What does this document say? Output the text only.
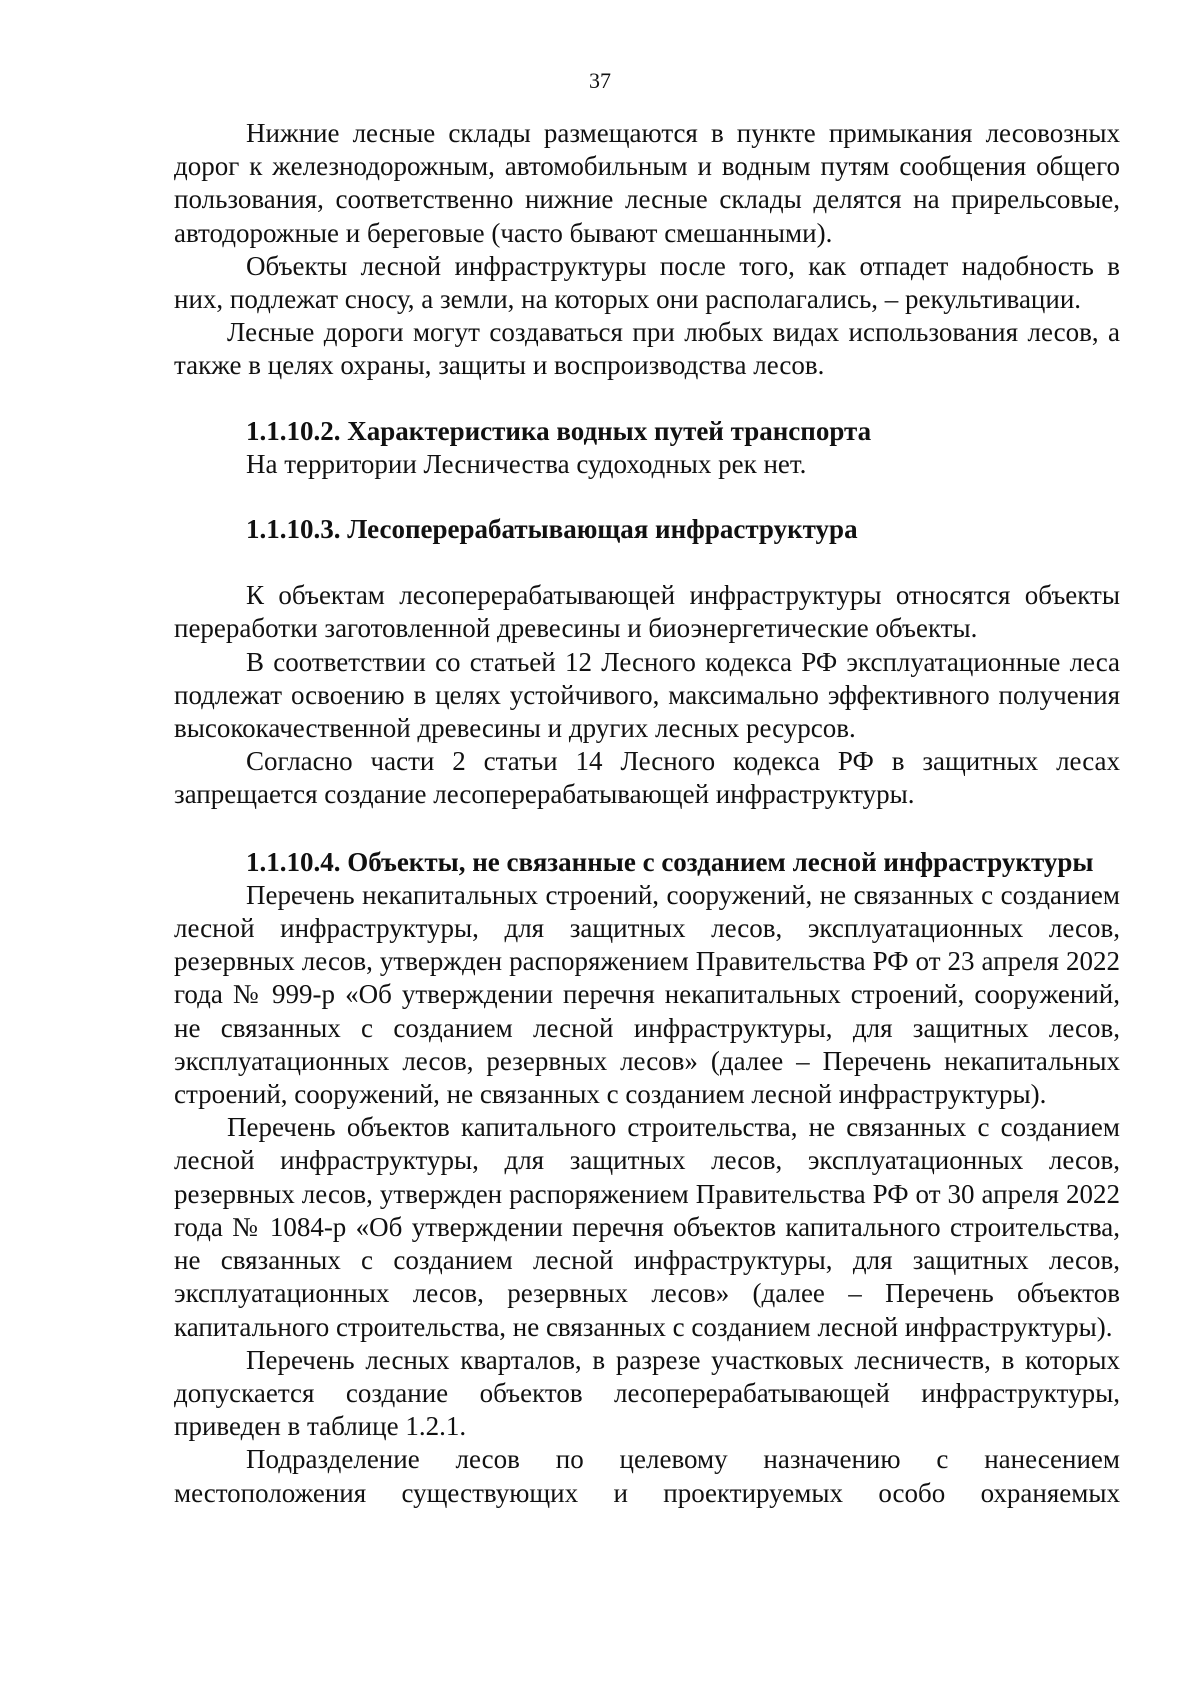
37

Нижние лесные склады размещаются в пункте примыкания лесовозных дорог к железнодорожным, автомобильным и водным путям сообщения общего пользования, соответственно нижние лесные склады делятся на прирельсовые, автодорожные и береговые (часто бывают смешанными).

Объекты лесной инфраструктуры после того, как отпадет надобность в них, подлежат сносу, а земли, на которых они располагались, – рекультивации.

Лесные дороги могут создаваться при любых видах использования лесов, а также в целях охраны, защиты и воспроизводства лесов.

1.1.10.2. Характеристика водных путей транспорта

На территории Лесничества судоходных рек нет.

1.1.10.3. Лесоперерабатывающая инфраструктура

К объектам лесоперерабатывающей инфраструктуры относятся объекты переработки заготовленной древесины и биоэнергетические объекты.

В соответствии со статьей 12 Лесного кодекса РФ эксплуатационные леса подлежат освоению в целях устойчивого, максимально эффективного получения высококачественной древесины и других лесных ресурсов.

Согласно части 2 статьи 14 Лесного кодекса РФ в защитных лесах запрещается создание лесоперерабатывающей инфраструктуры.

1.1.10.4. Объекты, не связанные с созданием лесной инфраструктуры

Перечень некапитальных строений, сооружений, не связанных с созданием лесной инфраструктуры, для защитных лесов, эксплуатационных лесов, резервных лесов, утвержден распоряжением Правительства РФ от 23 апреля 2022 года № 999-р «Об утверждении перечня некапитальных строений, сооружений, не связанных с созданием лесной инфраструктуры, для защитных лесов, эксплуатационных лесов, резервных лесов» (далее – Перечень некапитальных строений, сооружений, не связанных с созданием лесной инфраструктуры).

Перечень объектов капитального строительства, не связанных с созданием лесной инфраструктуры, для защитных лесов, эксплуатационных лесов, резервных лесов, утвержден распоряжением Правительства РФ от 30 апреля 2022 года № 1084-р «Об утверждении перечня объектов капитального строительства, не связанных с созданием лесной инфраструктуры, для защитных лесов, эксплуатационных лесов, резервных лесов» (далее – Перечень объектов капитального строительства, не связанных с созданием лесной инфраструктуры).

Перечень лесных кварталов, в разрезе участковых лесничеств, в которых допускается создание объектов лесоперерабатывающей инфраструктуры, приведен в таблице 1.2.1.

Подразделение лесов по целевому назначению с нанесением местоположения существующих и проектируемых особо охраняемых
